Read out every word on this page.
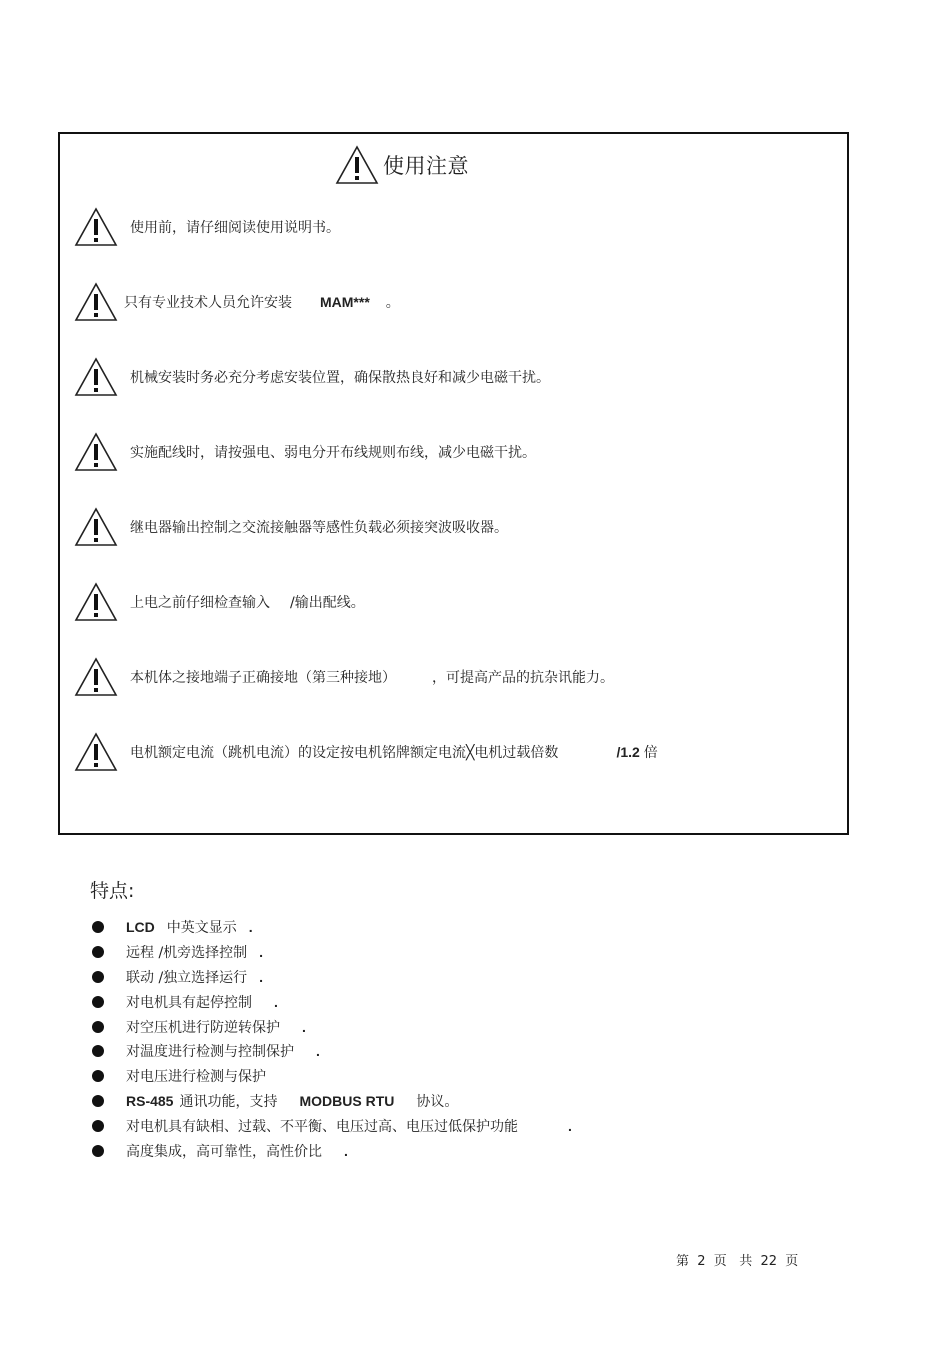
使用注意
使用前，请仔细阅读使用说明书。
只有专业技术人员允许安装 MAM*** 。
机械安装时务必充分考虑安装位置，确保散热良好和减少电磁干扰。
实施配线时，请按强电、弱电分开布线规则布线，减少电磁干扰。
继电器输出控制之交流接触器等感性负载必须接突波吸收器。
上电之前仔细检查输入 /输出配线。
本机体之接地端子正确接地（第三种接地）	，可提高产品的抗杂讯能力。
电机额定电流（跳机电流）的设定按电机铭牌额定电流╳电机过载倍数	/1.2 倍
特点:
LCD 中英文显示 .
远程 /机旁选择控制 .
联动 /独立选择运行 .
对电机具有起停控制 .
对空压机进行防逆转保护 .
对温度进行检测与控制保护 .
对电压进行检测与保护
RS-485 通讯功能，支持 MODBUS RTU 协议。
对电机具有缺相、过载、不平衡、电压过高、电压过低保护功能	.
高度集成，高可靠性，高性价比 .
第  2  页   共  22  页
